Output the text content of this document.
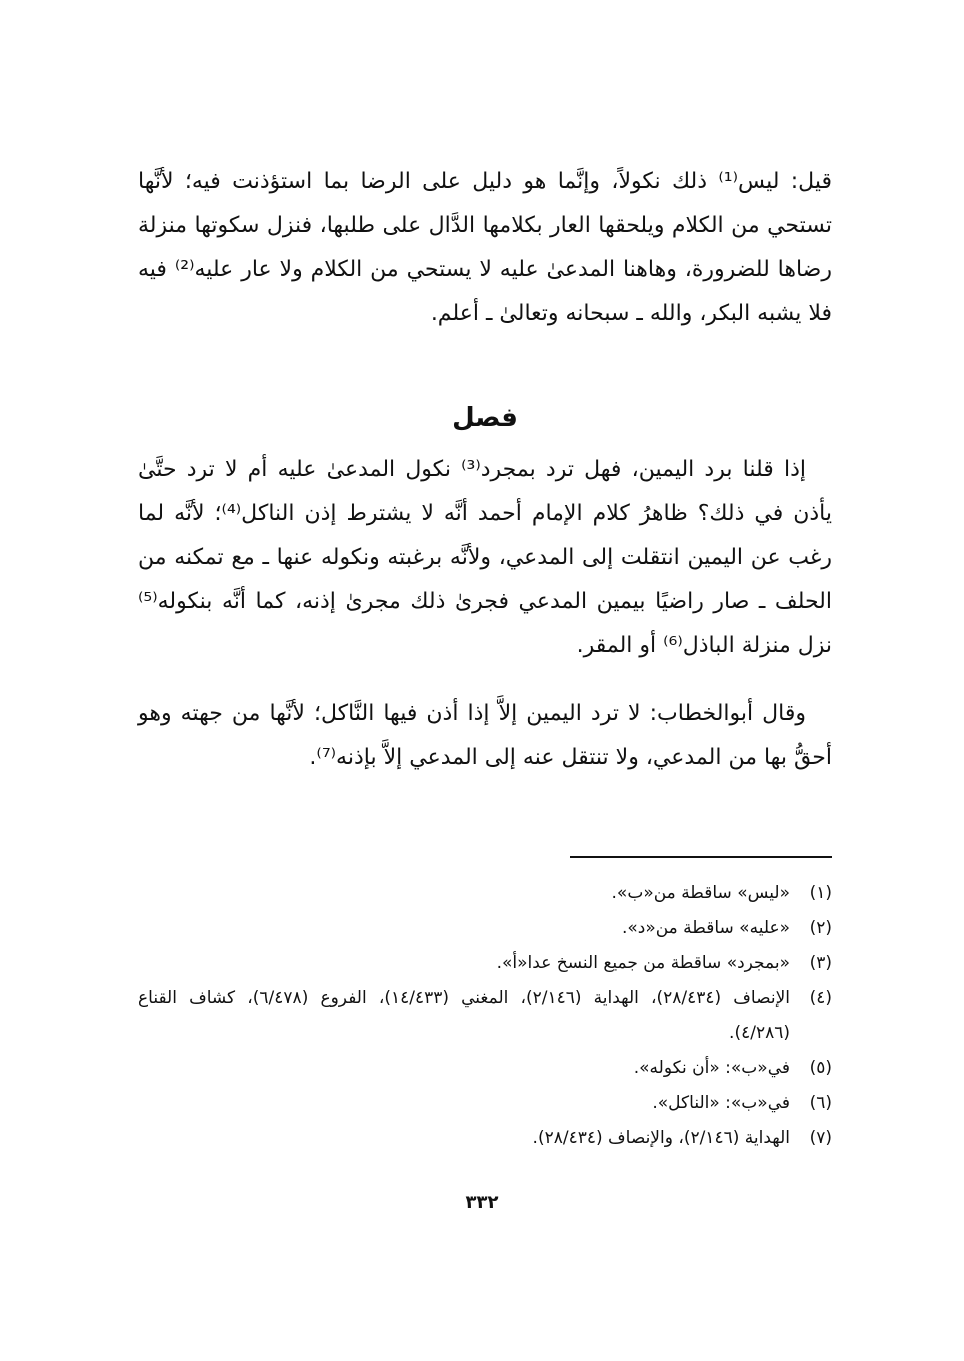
قيل: ليس⁽¹⁾ ذلك نكولاً، وإنَّما هو دليل على الرضا بما استؤذنت فيه؛ لأنَّها تستحي من الكلام ويلحقها العار بكلامها الدَّال على طلبها، فنزل سكوتها منزلة رضاها للضرورة، وهاهنا المدعىٰ عليه لا يستحي من الكلام ولا عار عليه⁽²⁾ فيه فلا يشبه البكر، والله ـ سبحانه وتعالىٰ ـ أعلم.
فصل
إذا قلنا برد اليمين، فهل ترد بمجرد⁽³⁾ نكول المدعىٰ عليه أم لا ترد حتَّىٰ يأذن في ذلك؟ ظاهرُ كلام الإمام أحمد أنَّه لا يشترط إذن الناكل⁽⁴⁾؛ لأنَّه لما رغب عن اليمين انتقلت إلى المدعي، ولأنَّه برغبته ونكوله عنها ـ مع تمكنه من الحلف ـ صار راضيًا بيمين المدعي فجرىٰ ذلك مجرىٰ إذنه، كما أنَّه بنكوله⁽⁵⁾ نزل منزلة الباذل⁽⁶⁾ أو المقر.
وقال أبوالخطاب: لا ترد اليمين إلاَّ إذا أذن فيها النَّاكل؛ لأنَّها من جهته وهو أحقُّ بها من المدعي، ولا تنتقل عنه إلى المدعي إلاَّ بإذنه⁽⁷⁾.
(١)
«ليس» ساقطة من«ب».
(٢)
«عليه» ساقطة من«د».
(٣)
«بمجرد» ساقطة من جميع النسخ عدا«أ».
(٤)
الإنصاف (٢٨/٤٣٤)، الهداية (٢/١٤٦)، المغني (١٤/٤٣٣)، الفروع (٦/٤٧٨)، كشاف القناع (٤/٢٨٦).
(٥)
في«ب»: «أن نكوله».
(٦)
في«ب»: «الناكل».
(٧)
الهداية (٢/١٤٦)، والإنصاف (٢٨/٤٣٤).
٣٣٢
